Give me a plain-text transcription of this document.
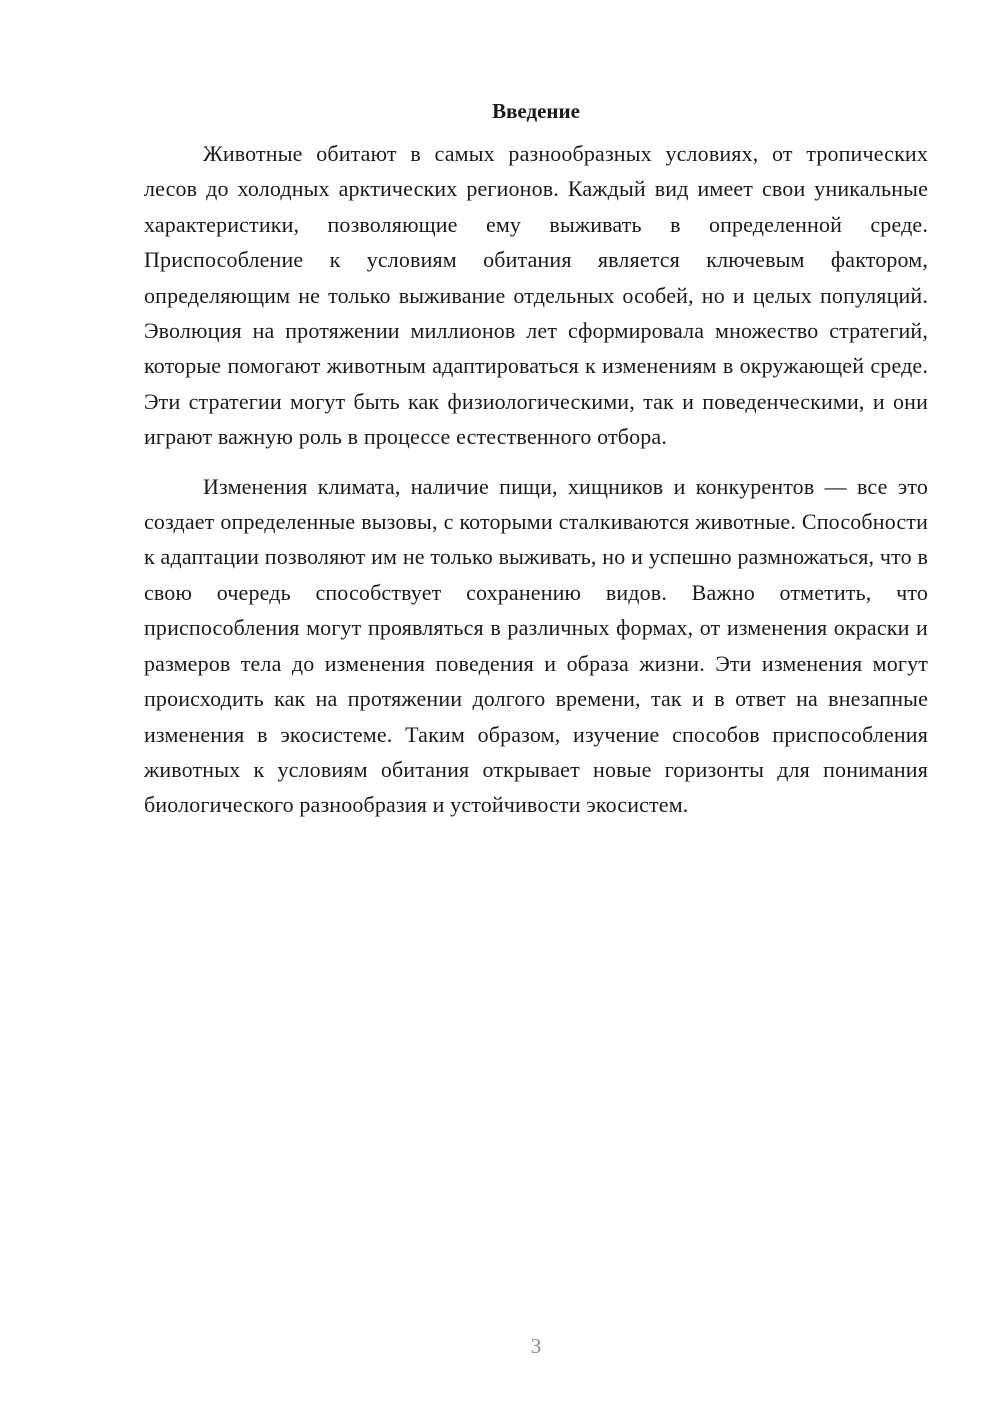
Введение

Животные обитают в самых разнообразных условиях, от тропических лесов до холодных арктических регионов. Каждый вид имеет свои уникальные характеристики, позволяющие ему выживать в определенной среде. Приспособление к условиям обитания является ключевым фактором, определяющим не только выживание отдельных особей, но и целых популяций. Эволюция на протяжении миллионов лет сформировала множество стратегий, которые помогают животным адаптироваться к изменениям в окружающей среде. Эти стратегии могут быть как физиологическими, так и поведенческими, и они играют важную роль в процессе естественного отбора.

Изменения климата, наличие пищи, хищников и конкурентов — все это создает определенные вызовы, с которыми сталкиваются животные. Способности к адаптации позволяют им не только выживать, но и успешно размножаться, что в свою очередь способствует сохранению видов. Важно отметить, что приспособления могут проявляться в различных формах, от изменения окраски и размеров тела до изменения поведения и образа жизни. Эти изменения могут происходить как на протяжении долгого времени, так и в ответ на внезапные изменения в экосистеме. Таким образом, изучение способов приспособления животных к условиям обитания открывает новые горизонты для понимания биологического разнообразия и устойчивости экосистем.

3
